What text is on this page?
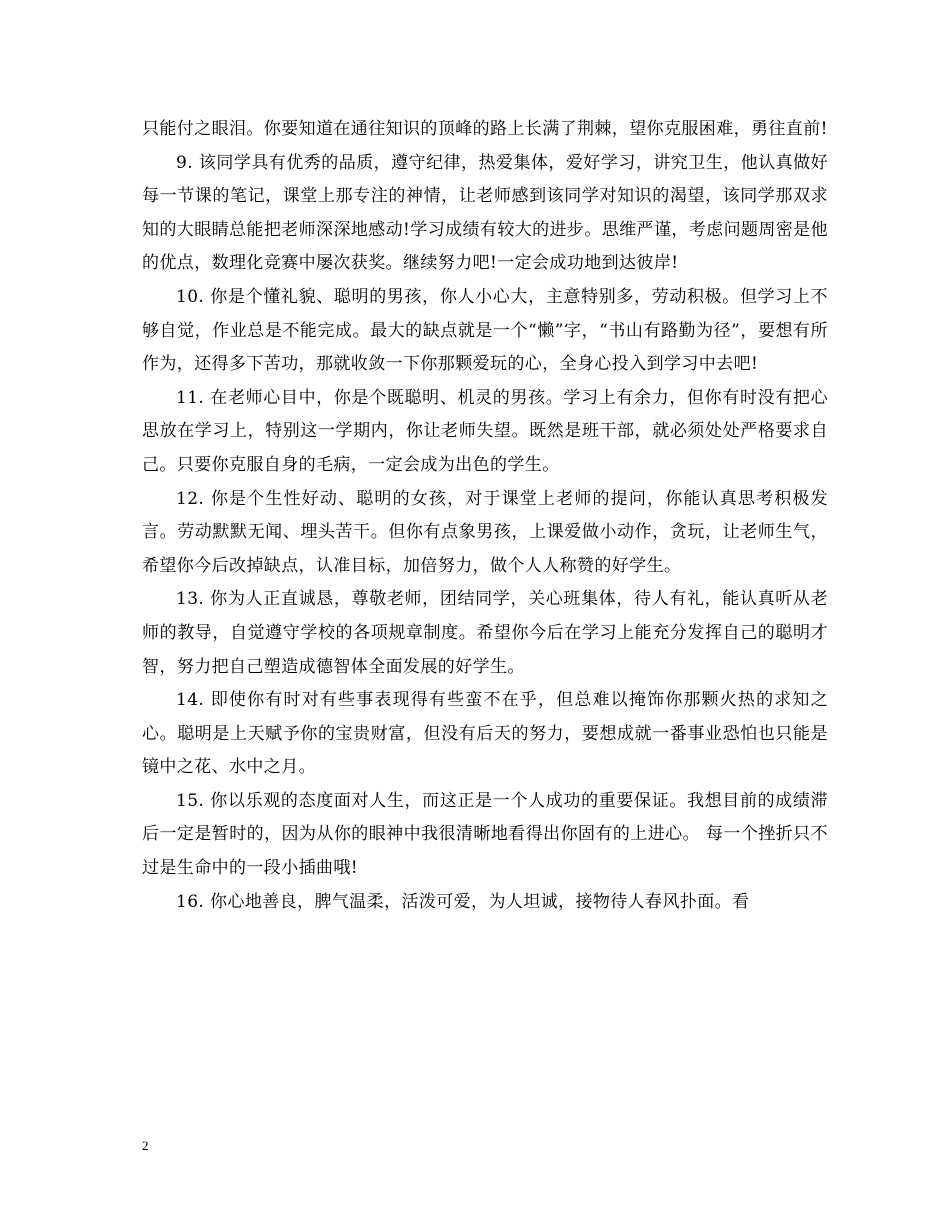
只能付之眼泪。你要知道在通往知识的顶峰的路上长满了荆棘，望你克服困难，勇往直前!

9. 该同学具有优秀的品质，遵守纪律，热爱集体，爱好学习，讲究卫生，他认真做好每一节课的笔记，课堂上那专注的神情，让老师感到该同学对知识的渴望，该同学那双求知的大眼睛总能把老师深深地感动!学习成绩有较大的进步。思维严谨，考虑问题周密是他的优点，数理化竞赛中屡次获奖。继续努力吧!一定会成功地到达彼岸!

10. 你是个懂礼貌、聪明的男孩，你人小心大，主意特别多，劳动积极。但学习上不够自觉，作业总是不能完成。最大的缺点就是一个“懒”字，“书山有路勤为径”，要想有所作为，还得多下苦功，那就收敛一下你那颗爱玩的心，全身心投入到学习中去吧!

11. 在老师心目中，你是个既聪明、机灵的男孩。学习上有余力，但你有时没有把心思放在学习上，特别这一学期内，你让老师失望。既然是班干部，就必须处处严格要求自己。只要你克服自身的毛病，一定会成为出色的学生。

12. 你是个生性好动、聪明的女孩，对于课堂上老师的提问，你能认真思考积极发言。劳动默默无闻、埋头苦干。但你有点象男孩，上课爱做小动作，贪玩，让老师生气，希望你今后改掉缺点，认准目标，加倍努力，做个人人称赞的好学生。

13. 你为人正直诚恳，尊敬老师，团结同学，关心班集体，待人有礼，能认真听从老师的教导，自觉遵守学校的各项规章制度。希望你今后在学习上能充分发挥自己的聪明才智，努力把自己塑造成德智体全面发展的好学生。

14. 即使你有时对有些事表现得有些蛮不在乎，但总难以掩饰你那颗火热的求知之心。聪明是上天赋予你的宝贵财富，但没有后天的努力，要想成就一番事业恐怕也只能是镜中之花、水中之月。

15. 你以乐观的态度面对人生，而这正是一个人成功的重要保证。我想目前的成绩滞后一定是暂时的，因为从你的眼神中我很清晰地看得出你固有的上进心。 每一个挫折只不过是生命中的一段小插曲哦!

16. 你心地善良，脾气温柔，活泼可爱，为人坦诚，接物待人春风扑面。看

2
